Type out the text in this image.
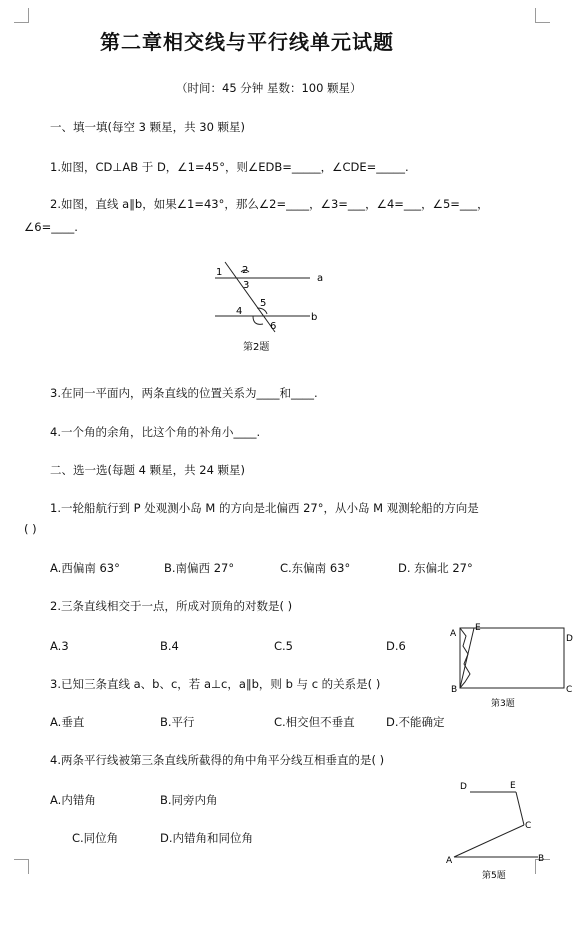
第二章相交线与平行线单元试题
（时间：45 分钟 星数：100 颗星）
一、填一填(每空 3 颗星，共 30 颗星)
1.如图，CD⊥AB 于 D，∠1=45°，则∠EDB=_____，∠CDE=_____.
2.如图，直线 a∥b，如果∠1=43°，那么∠2=____，∠3=___，∠4=___，∠5=___，
∠6=____.
1 2
3
a
4
5
6
b
第2题
3.在同一平面内，两条直线的位置关系为____和____.
4.一个角的余角，比这个角的补角小____.
二、选一选(每题 4 颗星，共 24 颗星)
1.一轮船航行到 P 处观测小岛 M 的方向是北偏西 27°，从小岛 M 观测轮船的方向是
( )
A.西偏南 63°	B.南偏西 27°	C.东偏南 63°	D. 东偏北 27°
2.三条直线相交于一点，所成对顶角的对数是( )
A.3	B.4	C.5	D.6
A
E
D
B	C
第3题
3.已知三条直线 a、b、c，若 a⊥c，a∥b，则 b 与 c 的关系是( )
A.垂直	B.平行	C.相交但不垂直	D.不能确定
4.两条平行线被第三条直线所截得的角中角平分线互相垂直的是( )
A.内错角	B.同旁内角
C.同位角	D.内错角和同位角
D	E
C
A	B
第5题
